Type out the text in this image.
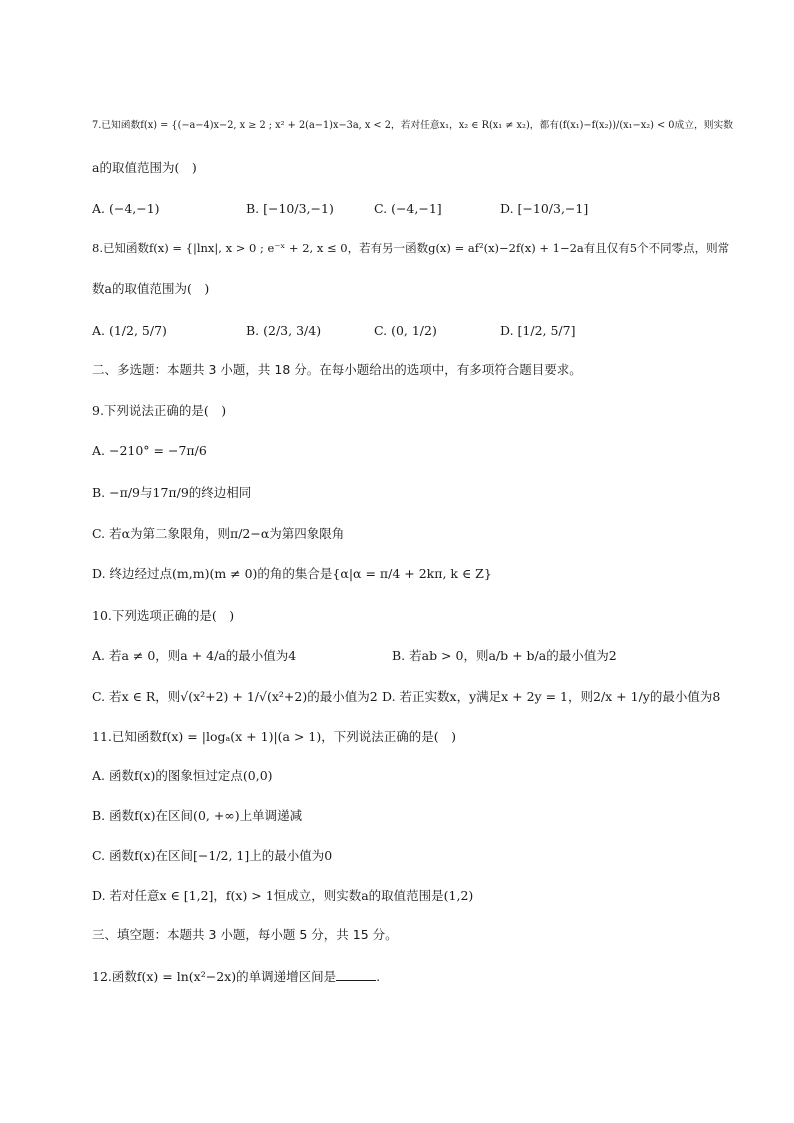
7.已知函数f(x) = {(−a−4)x−2, x ≥ 2 ; x² + 2(a−1)x−3a, x < 2，若对任意x₁，x₂ ∈ R(x₁ ≠ x₂)，都有(f(x₁)−f(x₂))/(x₁−x₂) < 0成立，则实数
a的取值范围为(　)
A. (−4,−1)	B. [−10/3,−1)	C. (−4,−1]	D. [−10/3,−1]
8.已知函数f(x) = {|lnx|, x > 0 ; e⁻ˣ + 2, x ≤ 0，若有另一函数g(x) = af²(x)−2f(x) + 1−2a有且仅有5个不同零点，则常
数a的取值范围为(　)
A. (1/2, 5/7)	B. (2/3, 3/4)	C. (0, 1/2)	D. [1/2, 5/7]
二、多选题：本题共 3 小题，共 18 分。在每小题给出的选项中，有多项符合题目要求。
9.下列说法正确的是(　)
A. −210° = −7π/6
B. −π/9与17π/9的终边相同
C. 若α为第二象限角，则π/2−α为第四象限角
D. 终边经过点(m,m)(m ≠ 0)的角的集合是{α|α = π/4 + 2kπ, k ∈ Z}
10.下列选项正确的是(　)
A. 若a ≠ 0，则a + 4/a的最小值为4	B. 若ab > 0，则a/b + b/a的最小值为2
C. 若x ∈ R，则√(x²+2) + 1/√(x²+2)的最小值为2 D. 若正实数x，y满足x + 2y = 1，则2/x + 1/y的最小值为8
11.已知函数f(x) = |logₐ(x + 1)|(a > 1)，下列说法正确的是(　)
A. 函数f(x)的图象恒过定点(0,0)
B. 函数f(x)在区间(0, +∞)上单调递减
C. 函数f(x)在区间[−1/2, 1]上的最小值为0
D. 若对任意x ∈ [1,2]，f(x) > 1恒成立，则实数a的取值范围是(1,2)
三、填空题：本题共 3 小题，每小题 5 分，共 15 分。
12.函数f(x) = ln(x²−2x)的单调递增区间是	.
